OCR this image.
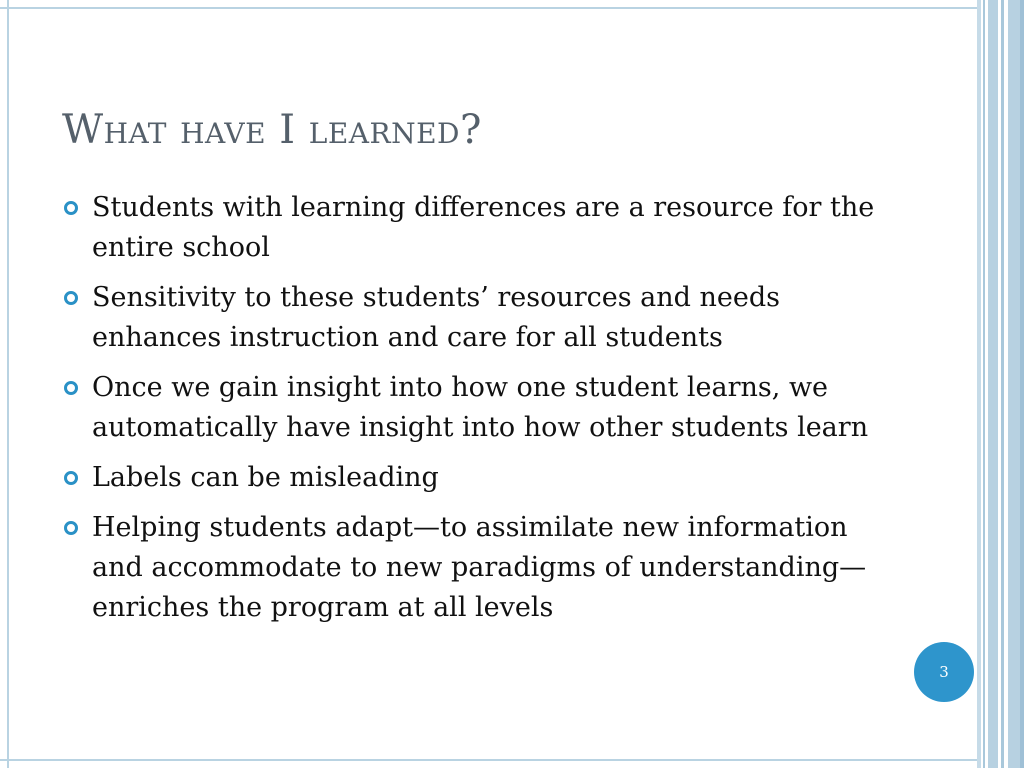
What have I learned?
Students with learning differences are a resource for the entire school
Sensitivity to these students’ resources and needs enhances instruction and care for all students
Once we gain insight into how one student learns, we automatically have insight into how other students learn
Labels can be misleading
Helping students adapt—to assimilate new information and accommodate to new paradigms of understanding—enriches the program at all levels
3
